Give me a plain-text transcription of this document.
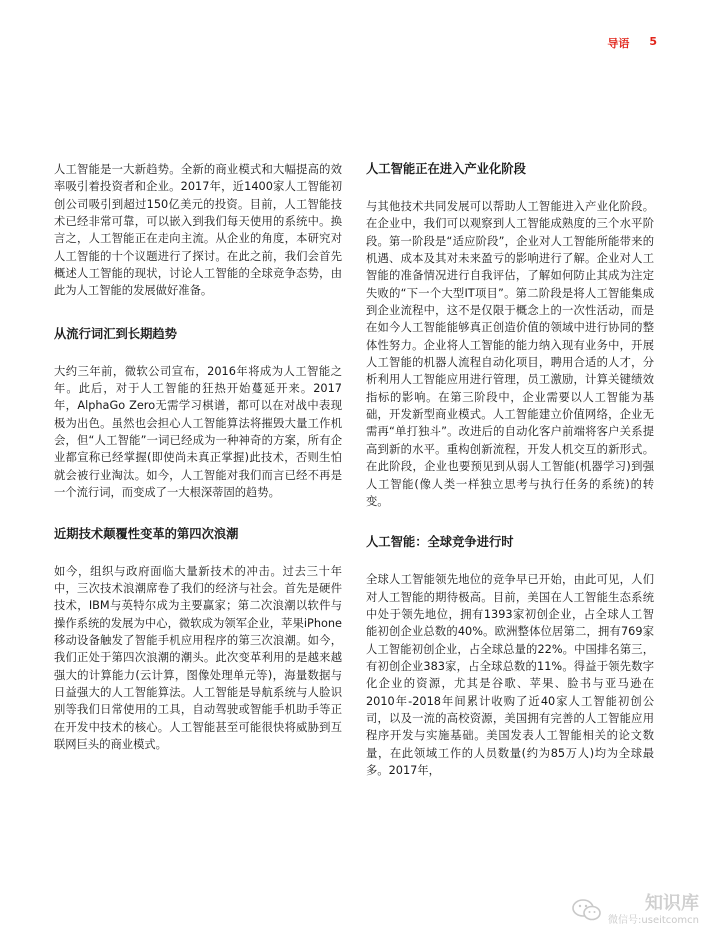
导语 5

人工智能是一大新趋势。全新的商业模式和大幅提高的效率吸引着投资者和企业。2017年，近1400家人工智能初创公司吸引到超过150亿美元的投资。目前，人工智能技术已经非常可靠，可以嵌入到我们每天使用的系统中。换言之，人工智能正在走向主流。从企业的角度，本研究对人工智能的十个议题进行了探讨。在此之前，我们会首先概述人工智能的现状，讨论人工智能的全球竞争态势，由此为人工智能的发展做好准备。

从流行词汇到长期趋势

大约三年前，微软公司宣布，2016年将成为人工智能之年。此后，对于人工智能的狂热开始蔓延开来。2017年，AlphaGo Zero无需学习棋谱，都可以在对战中表现极为出色。虽然也会担心人工智能算法将摧毁大量工作机会，但“人工智能”一词已经成为一种神奇的方案，所有企业都宣称已经掌握(即使尚未真正掌握)此技术，否则生怕就会被行业淘汰。如今，人工智能对我们而言已经不再是一个流行词，而变成了一大根深蒂固的趋势。

近期技术颠覆性变革的第四次浪潮

如今，组织与政府面临大量新技术的冲击。过去三十年中，三次技术浪潮席卷了我们的经济与社会。首先是硬件技术，IBM与英特尔成为主要赢家；第二次浪潮以软件与操作系统的发展为中心，微软成为领军企业，苹果iPhone移动设备触发了智能手机应用程序的第三次浪潮。如今，我们正处于第四次浪潮的潮头。此次变革利用的是越来越强大的计算能力(云计算，图像处理单元等)，海量数据与日益强大的人工智能算法。人工智能是导航系统与人脸识别等我们日常使用的工具，自动驾驶或智能手机助手等正在开发中技术的核心。人工智能甚至可能很快将威胁到互联网巨头的商业模式。

人工智能正在进入产业化阶段

与其他技术共同发展可以帮助人工智能进入产业化阶段。在企业中，我们可以观察到人工智能成熟度的三个水平阶段。第一阶段是“适应阶段”，企业对人工智能所能带来的机遇、成本及其对未来盈亏的影响进行了解。企业对人工智能的准备情况进行自我评估，了解如何防止其成为注定失败的“下一个大型IT项目”。第二阶段是将人工智能集成到企业流程中，这不是仅限于概念上的一次性活动，而是在如今人工智能能够真正创造价值的领域中进行协同的整体性努力。企业将人工智能的能力纳入现有业务中，开展人工智能的机器人流程自动化项目，聘用合适的人才，分析利用人工智能应用进行管理，员工激励，计算关键绩效指标的影响。在第三阶段中，企业需要以人工智能为基础，开发新型商业模式。人工智能建立价值网络，企业无需再“单打独斗”。改进后的自动化客户前端将客户关系提高到新的水平。重构创新流程，开发人机交互的新形式。在此阶段，企业也要预见到从弱人工智能(机器学习)到强人工智能(像人类一样独立思考与执行任务的系统)的转变。

人工智能：全球竞争进行时

全球人工智能领先地位的竞争早已开始，由此可见，人们对人工智能的期待极高。目前，美国在人工智能生态系统中处于领先地位，拥有1393家初创企业，占全球人工智能初创企业总数的40%。欧洲整体位居第二，拥有769家人工智能初创企业，占全球总量的22%。中国排名第三，有初创企业383家，占全球总数的11%。得益于领先数字化企业的资源，尤其是谷歌、苹果、脸书与亚马逊在2010年-2018年间累计收购了近40家人工智能初创公司，以及一流的高校资源，美国拥有完善的人工智能应用程序开发与实施基础。美国发表人工智能相关的论文数量，在此领域工作的人员数量(约为85万人)均为全球最多。2017年，

知识库
微信号:useitcomcn
